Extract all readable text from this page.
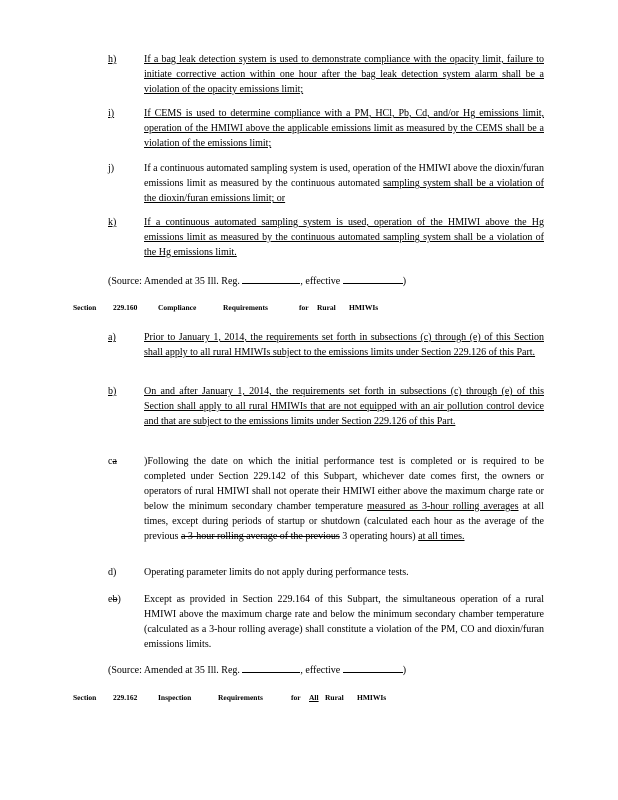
h)	If a bag leak detection system is used to demonstrate compliance with the opacity limit, failure to initiate corrective action within one hour after the bag leak detection system alarm shall be a violation of the opacity emissions limit;
i)	If CEMS is used to determine compliance with a PM, HCl, Pb, Cd, and/or Hg emissions limit, operation of the HMIWI above the applicable emissions limit as measured by the CEMS shall be a violation of the emissions limit;
j)	If a continuous automated sampling system is used, operation of the HMIWI above the dioxin/furan emissions limit as measured by the continuous automated sampling system shall be a violation of the dioxin/furan emissions limit; or
k)	If a continuous automated sampling system is used, operation of the HMIWI above the Hg emissions limit as measured by the continuous automated sampling system shall be a violation of the Hg emissions limit.
(Source: Amended at 35 Ill. Reg.	, effective	)
Section 229.160	Compliance	Requirements	for Rural HMIWIs
a)	Prior to January 1, 2014, the requirements set forth in subsections (c) through (e) of this Section shall apply to all rural HMIWIs subject to the emissions limits under Section 229.126 of this Part.
b)	On and after January 1, 2014, the requirements set forth in subsections (c) through (e) of this Section shall apply to all rural HMIWIs that are not equipped with an air pollution control device and that are subject to the emissions limits under Section 229.126 of this Part.
ca	)Following the date on which the initial performance test is completed or is required to be completed under Section 229.142 of this Subpart, whichever date comes first, the owners or operators of rural HMIWI shall not operate their HMIWI either above the maximum charge rate or below the minimum secondary chamber temperature measured as 3-hour rolling averages at all times, except during periods of startup or shutdown (calculated each hour as the average of the previous a 3-hour rolling average of the previous 3 operating hours) at all times.
d)	Operating parameter limits do not apply during performance tests.
eb)	Except as provided in Section 229.164 of this Subpart, the simultaneous operation of a rural HMIWI above the maximum charge rate and below the minimum secondary chamber temperature (calculated as a 3-hour rolling average) shall constitute a violation of the PM, CO and dioxin/furan emissions limits.
(Source: Amended at 35 Ill. Reg.	, effective	)
Section 229.162	Inspection	Requirements	for All Rural HMIWIs
